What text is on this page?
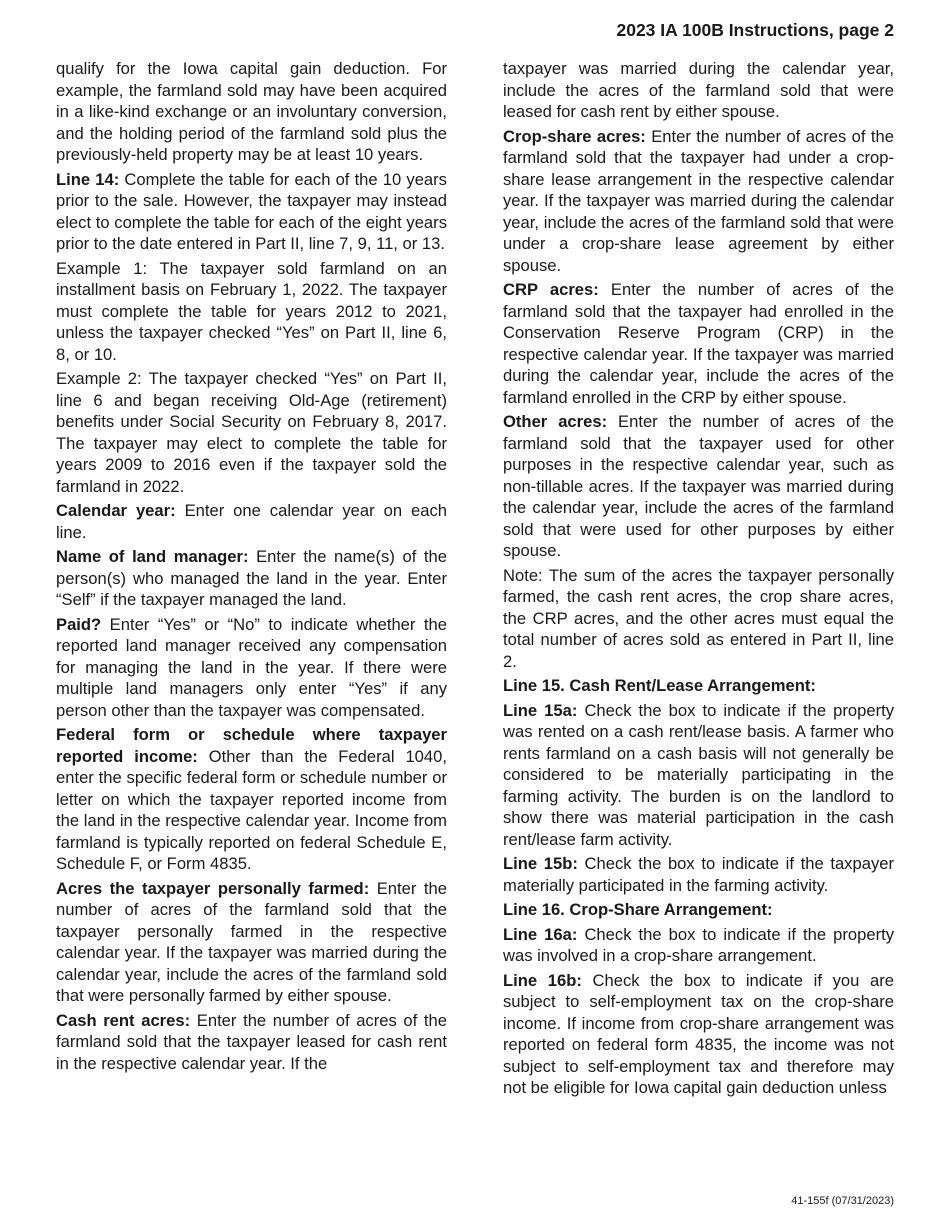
2023 IA 100B Instructions, page 2

qualify for the Iowa capital gain deduction. For example, the farmland sold may have been acquired in a like-kind exchange or an involuntary conversion, and the holding period of the farmland sold plus the previously-held property may be at least 10 years.

Line 14: Complete the table for each of the 10 years prior to the sale. However, the taxpayer may instead elect to complete the table for each of the eight years prior to the date entered in Part II, line 7, 9, 11, or 13.

Example 1: The taxpayer sold farmland on an installment basis on February 1, 2022. The taxpayer must complete the table for years 2012 to 2021, unless the taxpayer checked “Yes” on Part II, line 6, 8, or 10.

Example 2: The taxpayer checked “Yes” on Part II, line 6 and began receiving Old-Age (retirement) benefits under Social Security on February 8, 2017. The taxpayer may elect to complete the table for years 2009 to 2016 even if the taxpayer sold the farmland in 2022.

Calendar year: Enter one calendar year on each line.

Name of land manager: Enter the name(s) of the person(s) who managed the land in the year. Enter “Self” if the taxpayer managed the land.

Paid? Enter “Yes” or “No” to indicate whether the reported land manager received any compensation for managing the land in the year. If there were multiple land managers only enter “Yes” if any person other than the taxpayer was compensated.

Federal form or schedule where taxpayer reported income: Other than the Federal 1040, enter the specific federal form or schedule number or letter on which the taxpayer reported income from the land in the respective calendar year. Income from farmland is typically reported on federal Schedule E, Schedule F, or Form 4835.

Acres the taxpayer personally farmed: Enter the number of acres of the farmland sold that the taxpayer personally farmed in the respective calendar year. If the taxpayer was married during the calendar year, include the acres of the farmland sold that were personally farmed by either spouse.

Cash rent acres: Enter the number of acres of the farmland sold that the taxpayer leased for cash rent in the respective calendar year. If the

taxpayer was married during the calendar year, include the acres of the farmland sold that were leased for cash rent by either spouse.

Crop-share acres: Enter the number of acres of the farmland sold that the taxpayer had under a crop-share lease arrangement in the respective calendar year. If the taxpayer was married during the calendar year, include the acres of the farmland sold that were under a crop-share lease agreement by either spouse.

CRP acres: Enter the number of acres of the farmland sold that the taxpayer had enrolled in the Conservation Reserve Program (CRP) in the respective calendar year. If the taxpayer was married during the calendar year, include the acres of the farmland enrolled in the CRP by either spouse.

Other acres: Enter the number of acres of the farmland sold that the taxpayer used for other purposes in the respective calendar year, such as non-tillable acres. If the taxpayer was married during the calendar year, include the acres of the farmland sold that were used for other purposes by either spouse.

Note: The sum of the acres the taxpayer personally farmed, the cash rent acres, the crop share acres, the CRP acres, and the other acres must equal the total number of acres sold as entered in Part II, line 2.

Line 15. Cash Rent/Lease Arrangement:

Line 15a: Check the box to indicate if the property was rented on a cash rent/lease basis. A farmer who rents farmland on a cash basis will not generally be considered to be materially participating in the farming activity. The burden is on the landlord to show there was material participation in the cash rent/lease farm activity.

Line 15b: Check the box to indicate if the taxpayer materially participated in the farming activity.

Line 16. Crop-Share Arrangement:

Line 16a: Check the box to indicate if the property was involved in a crop-share arrangement.

Line 16b: Check the box to indicate if you are subject to self-employment tax on the crop-share income. If income from crop-share arrangement was reported on federal form 4835, the income was not subject to self-employment tax and therefore may not be eligible for Iowa capital gain deduction unless

41-155f (07/31/2023)
